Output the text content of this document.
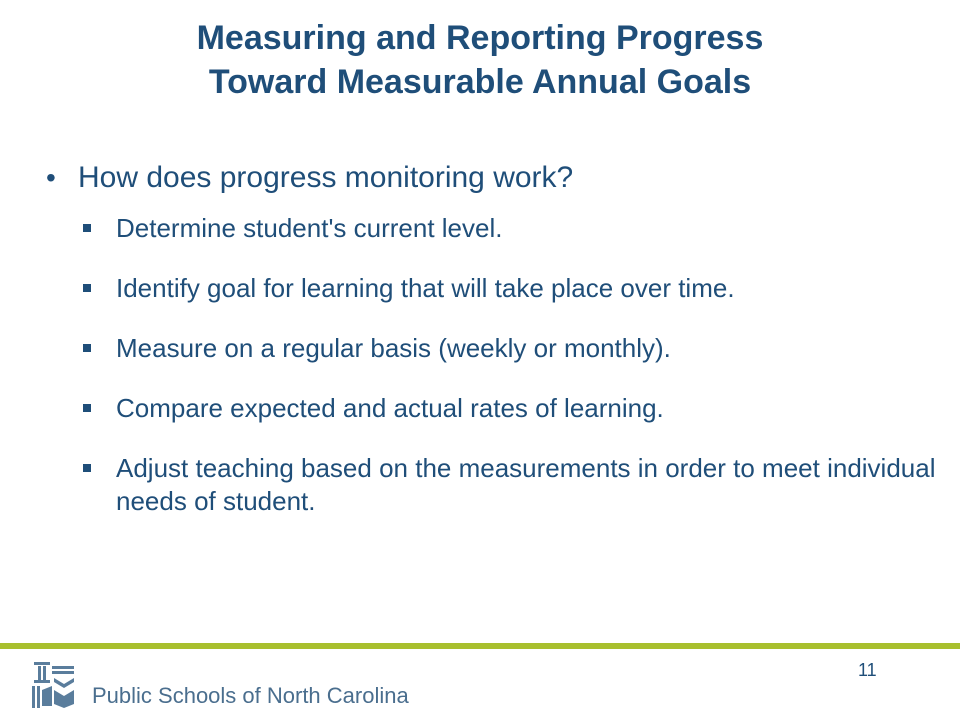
Measuring and Reporting Progress
Toward Measurable Annual Goals
• How does progress monitoring work?
Determine student's current level.
Identify goal for learning that will take place over time.
Measure on a regular basis (weekly or monthly).
Compare expected and actual rates of learning.
Adjust teaching based on the measurements in order to meet individual needs of student.
Public Schools of North Carolina
11
